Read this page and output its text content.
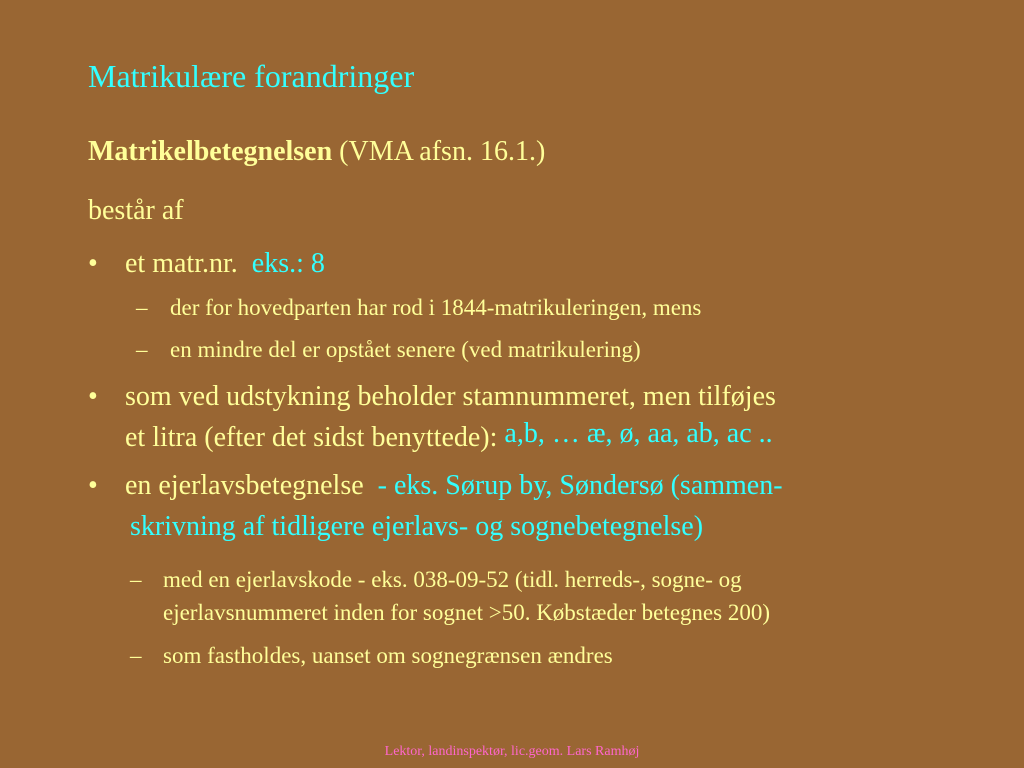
Matrikulære forandringer
Matrikelbetegnelsen (VMA afsn. 16.1.)
består af
• et matr.nr. eks.: 8
– der for hovedparten har rod i 1844-matrikuleringen, mens
– en mindre del er opstået senere (ved matrikulering)
• som ved udstykning beholder stamnummeret, men tilføjes
et litra (efter det sidst benyttede): a,b, … æ, ø, aa, ab, ac ..
• en ejerlavsbetegnelse - eks. Sørup by, Søndersø (sammen-
skrivning af tidligere ejerlavs- og sognebetegnelse)
– med en ejerlavskode - eks. 038-09-52 (tidl. herreds-, sogne- og
ejerlavsnummeret inden for sognet >50. Købstæder betegnes 200)
– som fastholdes, uanset om sognegrænsen ændres
Lektor, landinspektør, lic.geom. Lars Ramhøj
